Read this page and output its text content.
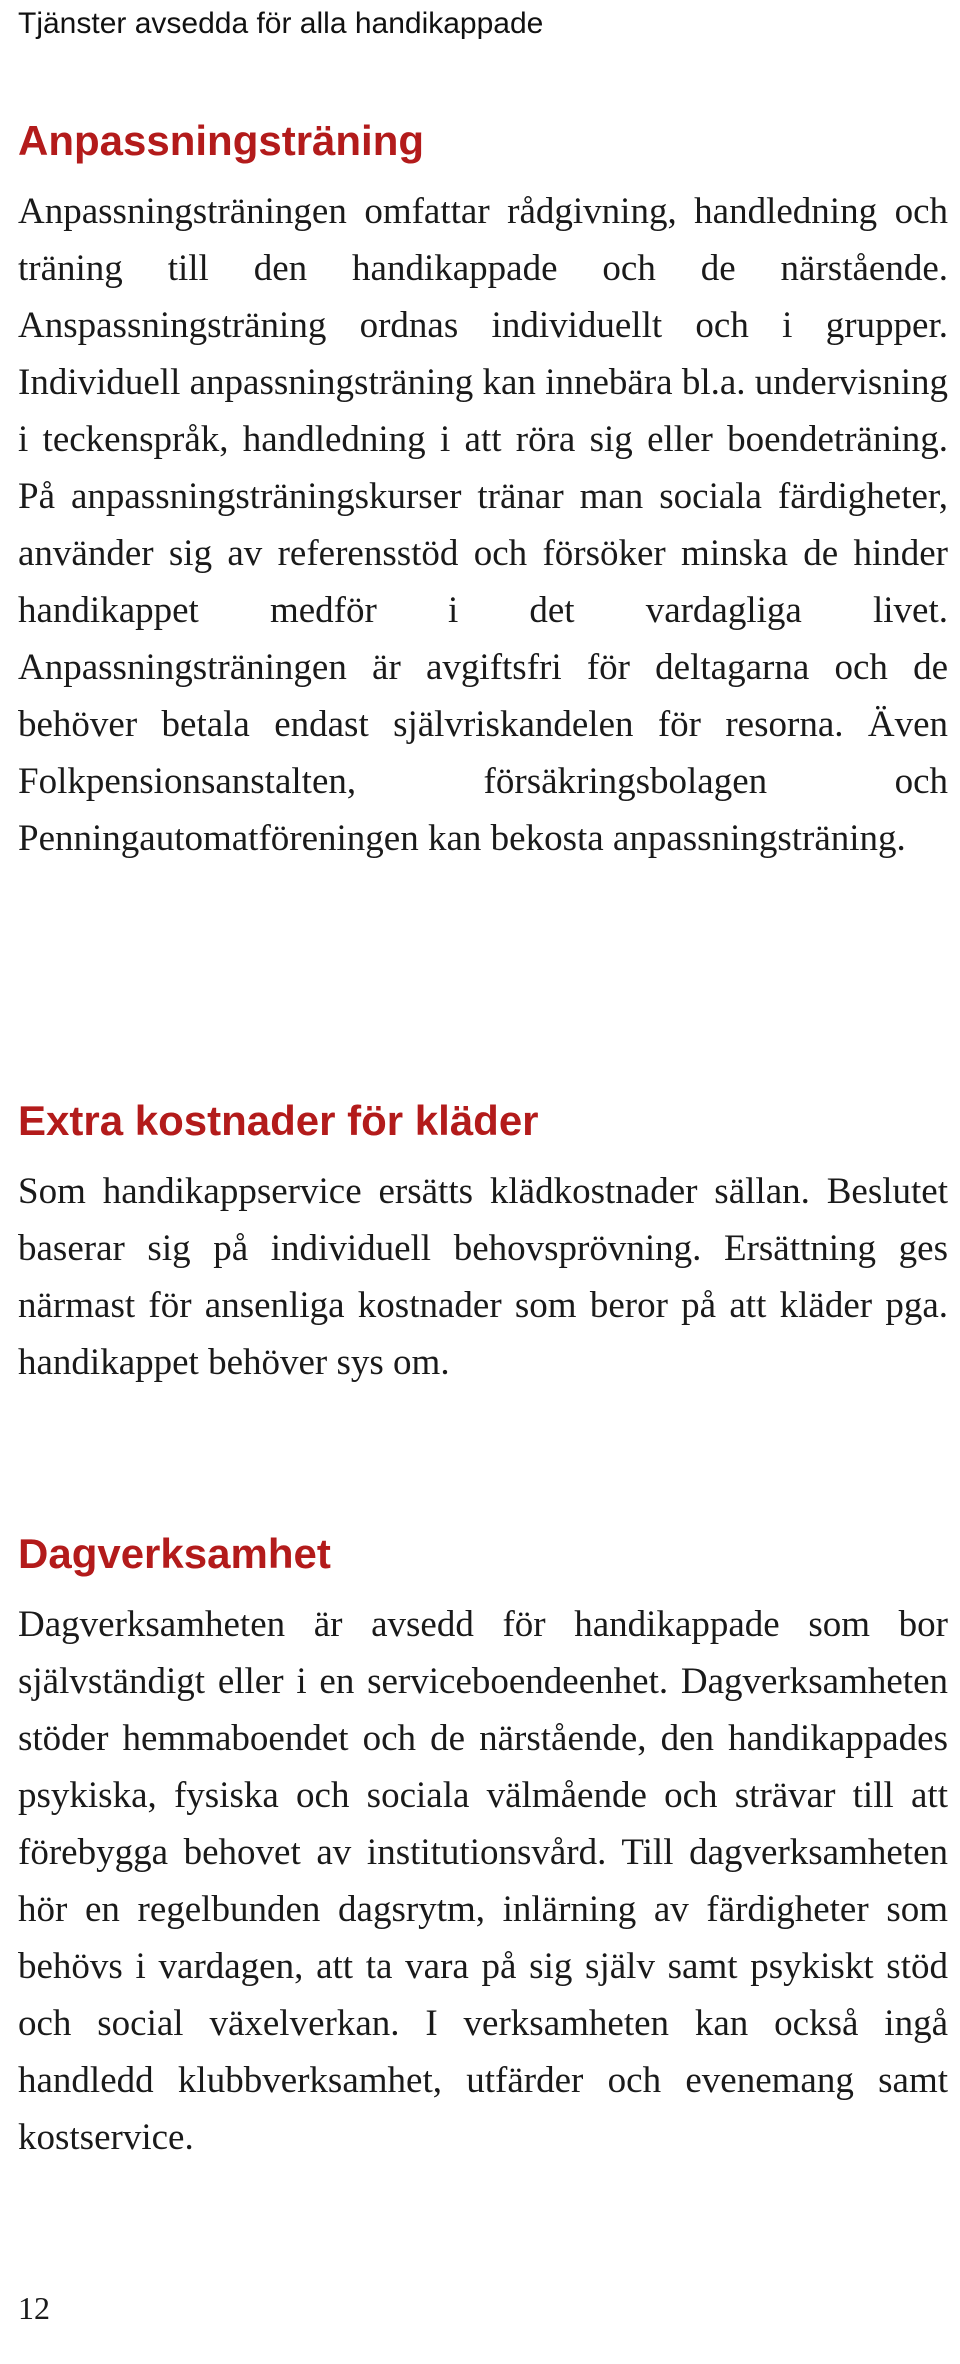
Tjänster avsedda för alla handikappade
Anpassningsträning

Anpassningsträningen omfattar rådgivning, handledning och träning till den handikappade och de närstående. Anspassningsträning ordnas individuellt och i grupper. Individuell anpassningsträning kan innebära bl.a. undervisning i teckenspråk, handledning i att röra sig eller boendeträning. På anpassningsträningskurser tränar man sociala färdigheter, använder sig av referensstöd och försöker minska de hinder handikappet medför i det vardagliga livet. Anpassningsträningen är avgiftsfri för deltagarna och de behöver betala endast självriskandelen för resorna. Även Folkpensionsanstalten, försäkringsbolagen och Penningautomatföreningen kan bekosta anpassningsträning.

Extra kostnader för kläder

Som handikappservice ersätts klädkostnader sällan. Beslutet baserar sig på individuell behovsprövning. Ersättning ges närmast för ansenliga kostnader som beror på att kläder pga. handikappet behöver sys om.

Dagverksamhet

Dagverksamheten är avsedd för handikappade som bor självständigt eller i en serviceboendeenhet. Dagverksamheten stöder hemmaboendet och de närstående, den handikappades psykiska, fysiska och sociala välmående och strävar till att förebygga behovet av institutionsvård. Till dagverksamheten hör en regelbunden dagsrytm, inlärning av färdigheter som behövs i vardagen, att ta vara på sig själv samt psykiskt stöd och social växelverkan. I verksamheten kan också ingå handledd klubbverksamhet, utfärder och evenemang samt kostservice.

12
